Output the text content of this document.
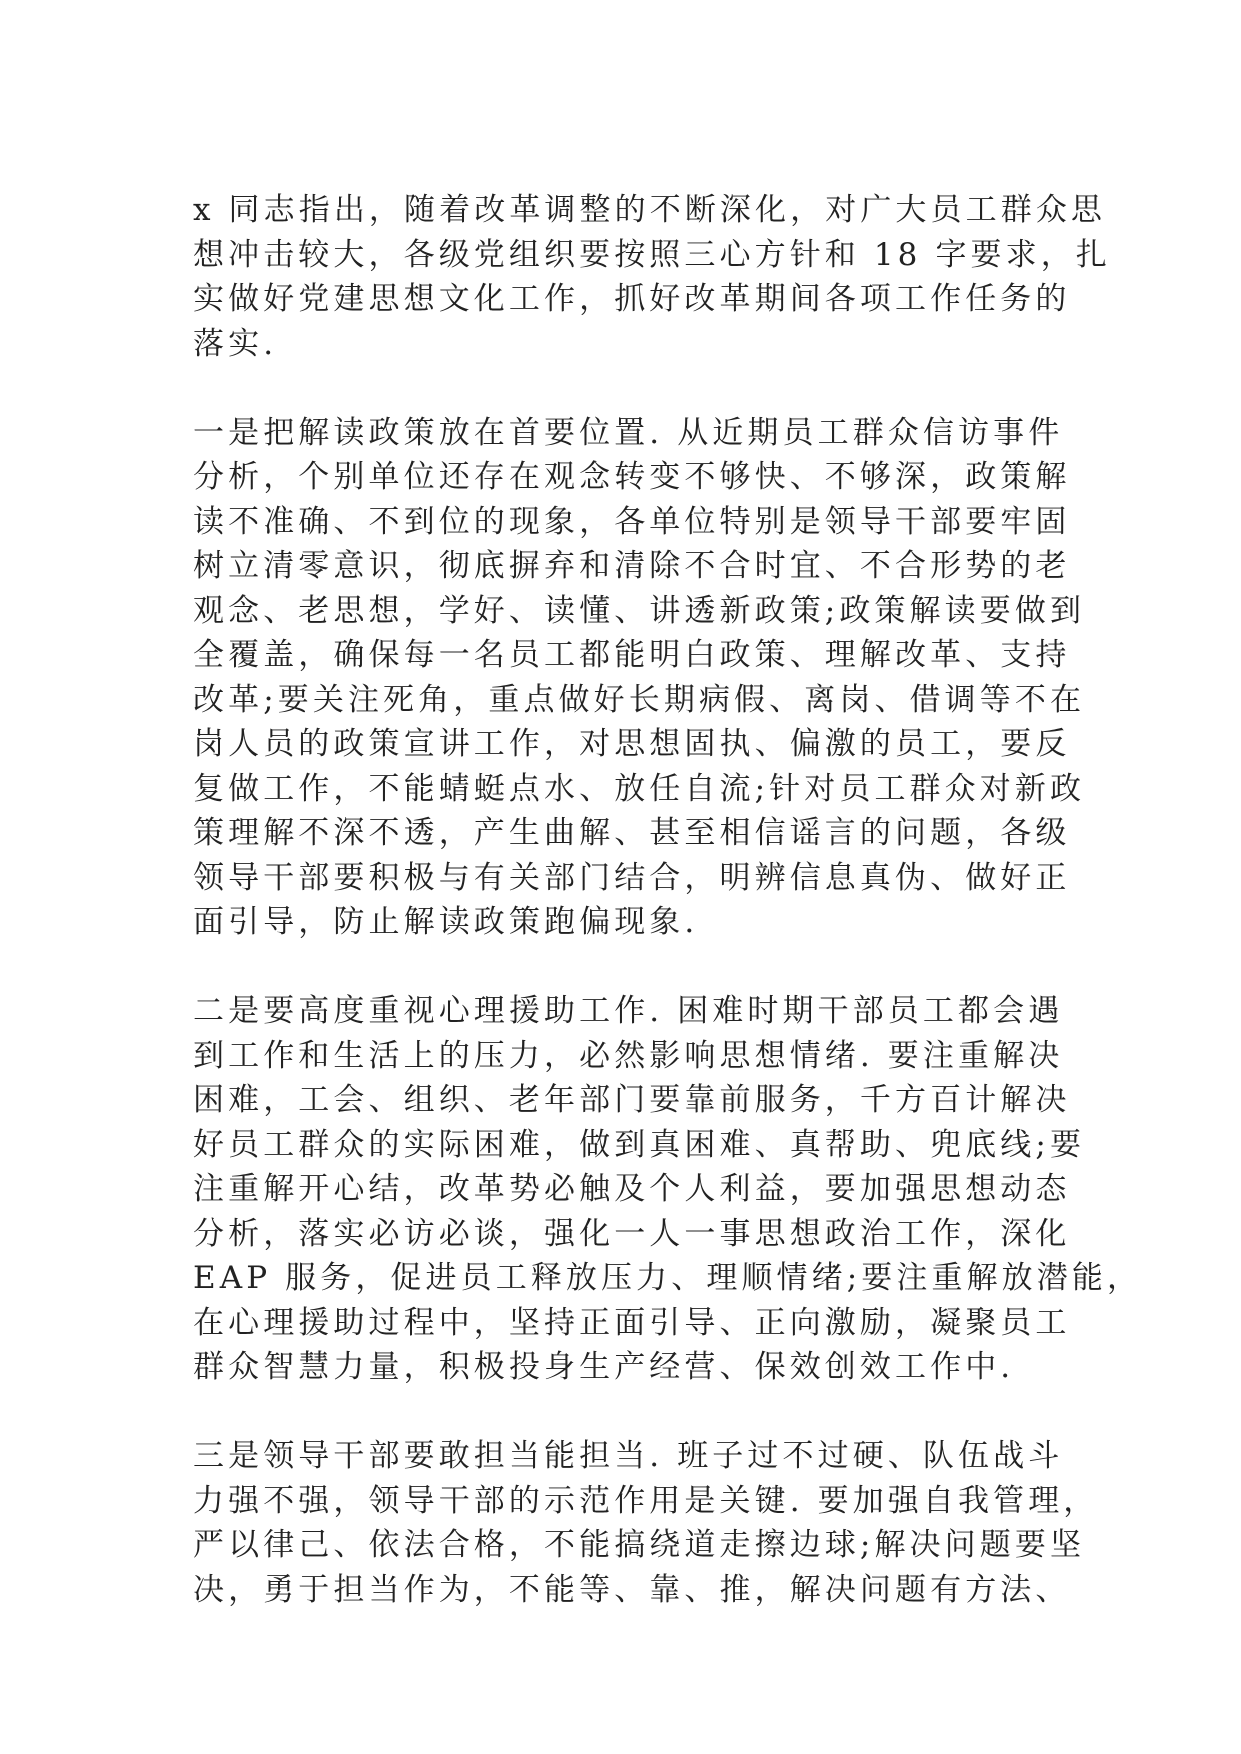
x 同志指出，随着改革调整的不断深化，对广大员工群众思
想冲击较大，各级党组织要按照三心方针和 18 字要求，扎
实做好党建思想文化工作，抓好改革期间各项工作任务的
落实.

一是把解读政策放在首要位置. 从近期员工群众信访事件
分析，个别单位还存在观念转变不够快、不够深，政策解
读不准确、不到位的现象，各单位特别是领导干部要牢固
树立清零意识，彻底摒弃和清除不合时宜、不合形势的老
观念、老思想，学好、读懂、讲透新政策;政策解读要做到
全覆盖，确保每一名员工都能明白政策、理解改革、支持
改革;要关注死角，重点做好长期病假、离岗、借调等不在
岗人员的政策宣讲工作，对思想固执、偏激的员工，要反
复做工作，不能蜻蜓点水、放任自流;针对员工群众对新政
策理解不深不透，产生曲解、甚至相信谣言的问题，各级
领导干部要积极与有关部门结合，明辨信息真伪、做好正
面引导，防止解读政策跑偏现象.

二是要高度重视心理援助工作. 困难时期干部员工都会遇
到工作和生活上的压力，必然影响思想情绪. 要注重解决
困难，工会、组织、老年部门要靠前服务，千方百计解决
好员工群众的实际困难，做到真困难、真帮助、兜底线;要
注重解开心结，改革势必触及个人利益，要加强思想动态
分析，落实必访必谈，强化一人一事思想政治工作，深化
EAP 服务，促进员工释放压力、理顺情绪;要注重解放潜能，
在心理援助过程中，坚持正面引导、正向激励，凝聚员工
群众智慧力量，积极投身生产经营、保效创效工作中.

三是领导干部要敢担当能担当. 班子过不过硬、队伍战斗
力强不强，领导干部的示范作用是关键. 要加强自我管理，
严以律己、依法合格，不能搞绕道走擦边球;解决问题要坚
决，勇于担当作为，不能等、靠、推，解决问题有方法、
